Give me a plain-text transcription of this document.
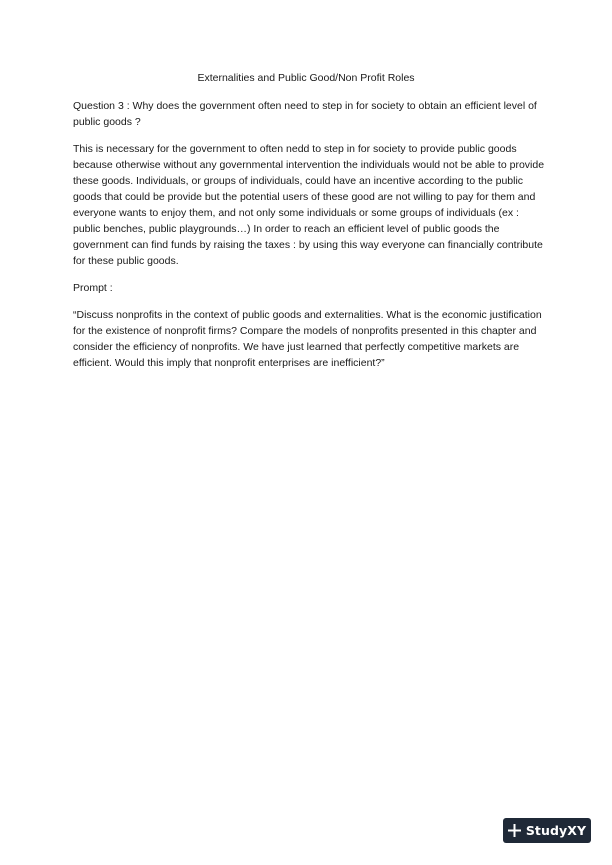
Externalities and Public Good/Non Profit Roles

Question 3 : Why does the government often need to step in for society to obtain an efficient level of public goods ?

This is necessary for the government to often nedd to step in for society to provide public goods because otherwise without any governmental intervention the individuals would not be able to provide these goods. Individuals, or groups of individuals, could have an incentive according to the public goods that could be provide but the potential users of these good are not willing to pay for them and everyone wants to enjoy them, and not only some individuals or some groups of individuals (ex : public benches, public playgrounds…) In order to reach an efficient level of public goods the government can find funds by raising the taxes : by using this way everyone can financially contribute for these public goods.

Prompt :

“Discuss nonprofits in the context of public goods and externalities. What is the economic justification for the existence of nonprofit firms? Compare the models of nonprofits presented in this chapter and consider the efficiency of nonprofits. We have just learned that perfectly competitive markets are efficient. Would this imply that nonprofit enterprises are inefficient?”

StudyXY
